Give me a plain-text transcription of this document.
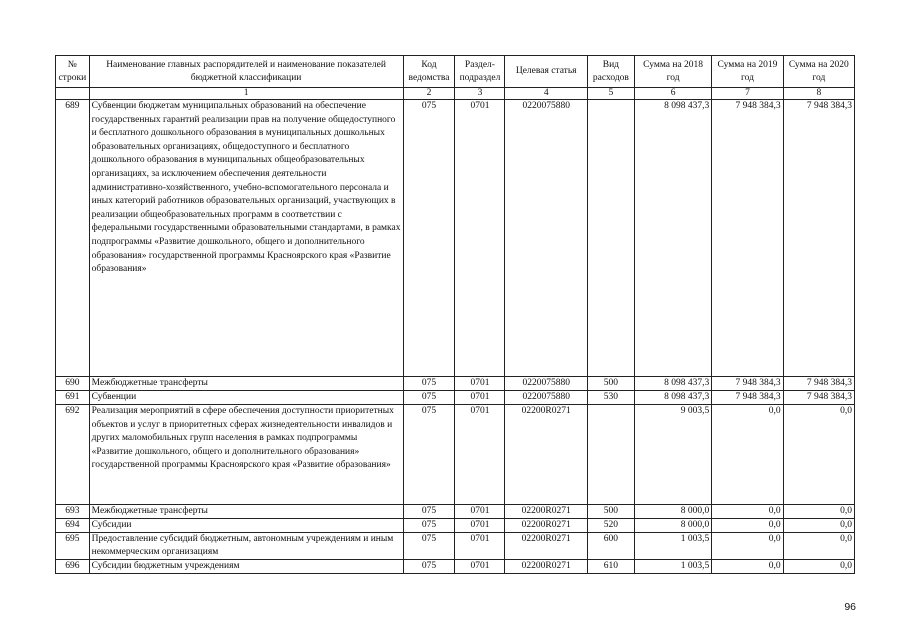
№ строки	Наименование главных распорядителей и наименование показателей бюджетной классификации	Код ведомства	Раздел-подраздел	Целевая статья	Вид расходов	Сумма на 2018 год	Сумма на 2019 год	Сумма на 2020 год
	1	2	3	4	5	6	7	8
689	Субвенции бюджетам муниципальных образований на обеспечение государственных гарантий реализации прав на получение общедоступного и бесплатного дошкольного образования в муниципальных дошкольных образовательных организациях, общедоступного и бесплатного дошкольного образования в муниципальных общеобразовательных организациях, за исключением обеспечения деятельности административно-хозяйственного, учебно-вспомогательного персонала и иных категорий работников образовательных организаций, участвующих в реализации общеобразовательных программ в соответствии с федеральными государственными образовательными стандартами, в рамках подпрограммы «Развитие дошкольного, общего и дополнительного образования» государственной программы Красноярского края «Развитие образования»	075	0701	0220075880		8 098 437,3	7 948 384,3	7 948 384,3
690	Межбюджетные трансферты	075	0701	0220075880	500	8 098 437,3	7 948 384,3	7 948 384,3
691	Субвенции	075	0701	0220075880	530	8 098 437,3	7 948 384,3	7 948 384,3
692	Реализация мероприятий в сфере обеспечения доступности приоритетных объектов и услуг в приоритетных сферах жизнедеятельности инвалидов и других маломобильных групп населения в рамках подпрограммы «Развитие дошкольного, общего и дополнительного образования» государственной программы Красноярского края «Развитие образования»	075	0701	02200R0271		9 003,5	0,0	0,0
693	Межбюджетные трансферты	075	0701	02200R0271	500	8 000,0	0,0	0,0
694	Субсидии	075	0701	02200R0271	520	8 000,0	0,0	0,0
695	Предоставление субсидий бюджетным, автономным учреждениям и иным некоммерческим организациям	075	0701	02200R0271	600	1 003,5	0,0	0,0
696	Субсидии бюджетным учреждениям	075	0701	02200R0271	610	1 003,5	0,0	0,0
96
